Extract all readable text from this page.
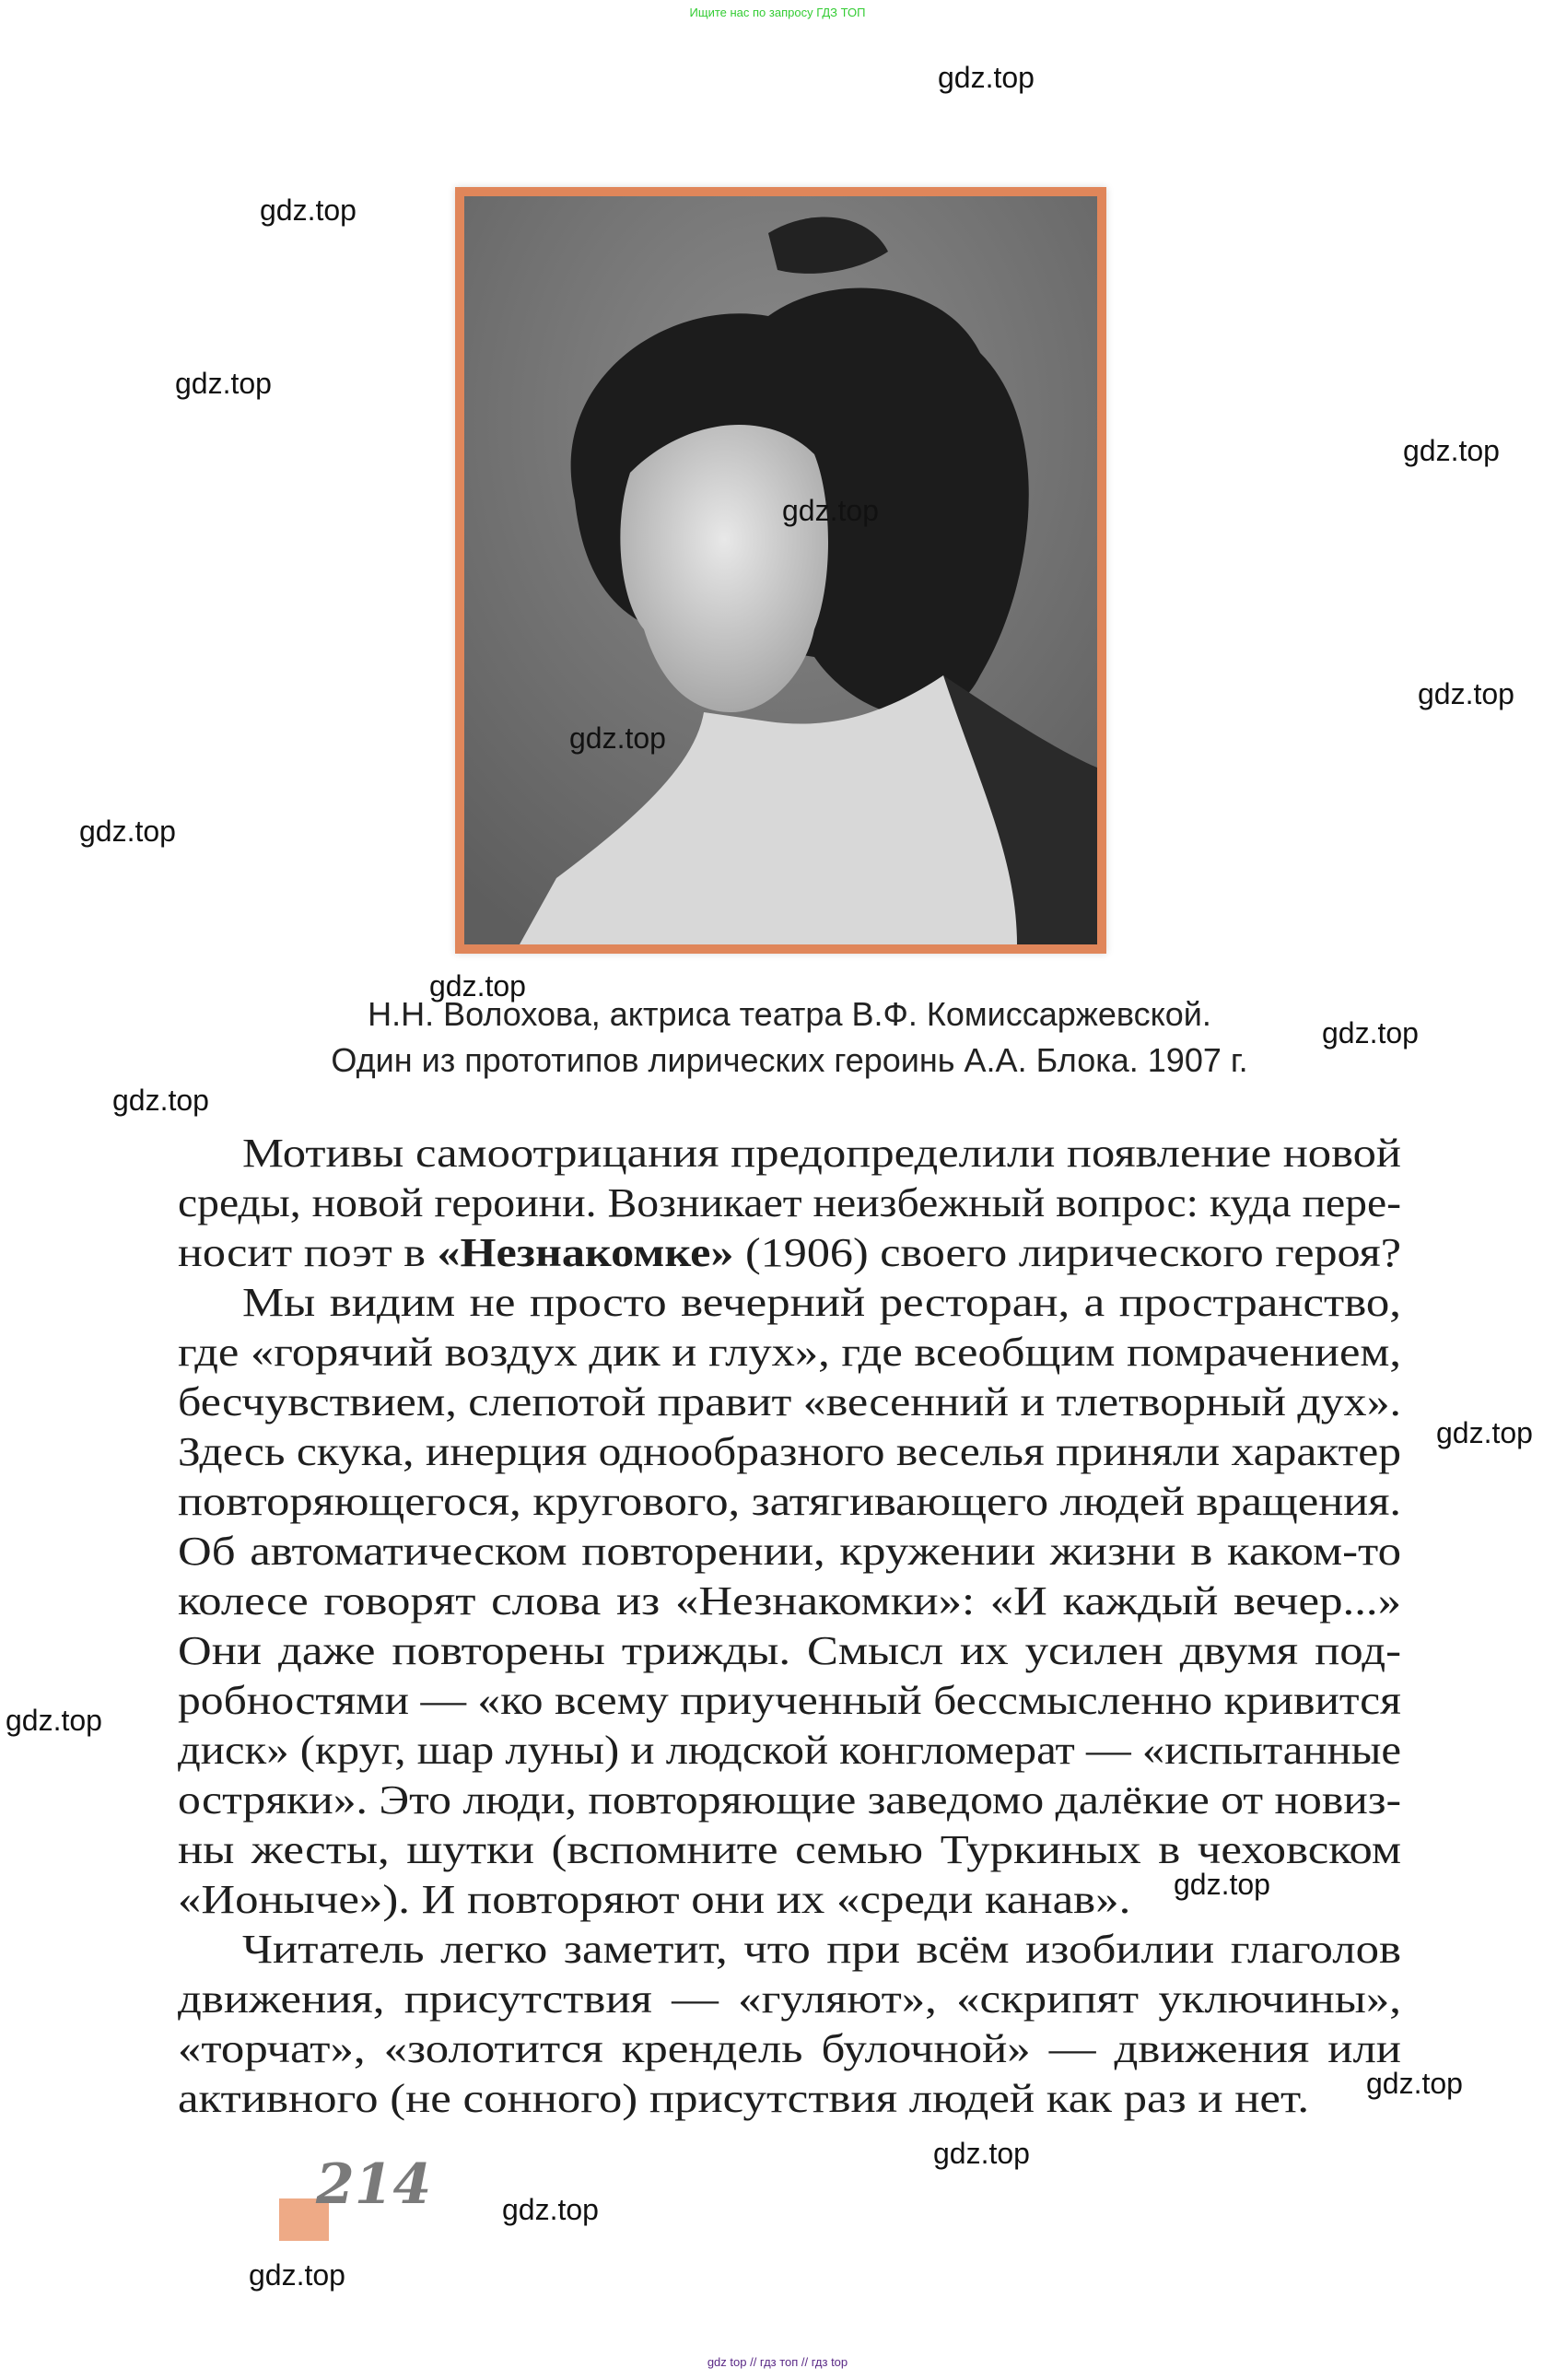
Ищите нас по запросу ГДЗ ТОП
Н.Н. Волохова, актриса театра В.Ф. Комиссаржевской.
Один из прототипов лирических героинь А.А. Блока. 1907 г.
Мотивы самоотрицания предопределили появление новой
среды, новой героини. Возникает неизбежный вопрос: куда пере-
носит поэт в «Незнакомке» (1906) своего лирического героя?
Мы видим не просто вечерний ресторан, а пространство,
где «горячий воздух дик и глух», где всеобщим помрачением,
бесчувствием, слепотой правит «весенний и тлетворный дух».
Здесь скука, инерция однообразного веселья приняли характер
повторяющегося, кругового, затягивающего людей вращения.
Об автоматическом повторении, кружении жизни в каком-то
колесе говорят слова из «Незнакомки»: «И каждый вечер...»
Они даже повторены трижды. Смысл их усилен двумя под-
робностями — «ко всему приученный бессмысленно кривится
диск» (круг, шар луны) и людской конгломерат — «испытанные
остряки». Это люди, повторяющие заведомо далёкие от новиз-
ны жесты, шутки (вспомните семью Туркиных в чеховском
«Ионыче»). И повторяют они их «среди канав».
Читатель легко заметит, что при всём изобилии глаголов
движения, присутствия — «гуляют», «скрипят уключины»,
«торчат», «золотится крендель булочной» — движения или
активного (не сонного) присутствия людей как раз и нет.
214
gdz.top
gdz.top
gdz.top
gdz.top
gdz.top
gdz.top
gdz.top
gdz.top
gdz.top
gdz.top
gdz.top
gdz.top
gdz.top
gdz.top
gdz.top
gdz.top
gdz.top
gdz.top
gdz top // гдз топ // гдз top
